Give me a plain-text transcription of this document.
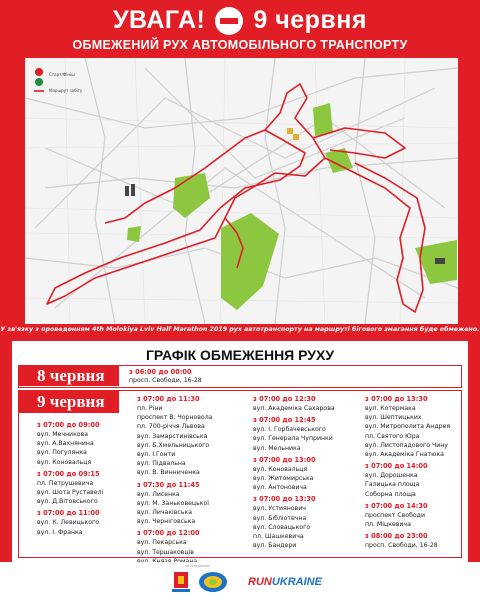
УВАГА! 9 червня
ОБМЕЖЕНИЙ РУХ АВТОМОБІЛЬНОГО ТРАНСПОРТУ
Старт/Фініш
Маршрут забігу
У зв'язку з проведенням 4th Molokiya Lviv Half Marathon 2019 рух автотранспорту на маршруті бігового змагання буде обмежено.
ГРАФІК ОБМЕЖЕННЯ РУХУ
8 червня	з 06:00 до 00:00
просп. Свободи, 16-28
9 червня
з 07:00 до 09:00
вул. Мечникова
вул. А.Вахнянина
вул. Погулянка
вул. Коновальця
з 07:00 до 09:15
пл. Петрушевича
вул. Шота Руставелі
вул. Д.Вітовського
з 07:00 до 11:00
вул. К. Левицького
вул. І. Франка
з 07:00 до 11:30
пл. Ріни
проспект В. Чорновола
пл. 700-річчя Львова
вул. Замарстинівська
вул. Б.Хмельницького
вул. І.Гонти
вул. Підвальна
вул. В. Винниченка
з 07:30 до 11:45
вул. Лисенка
вул. М. Заньковецької
вул. Личаківська
вул. Черніговська
з 07:00 до 12:00
вул. Пекарська
вул. Тершаковців
з 07:00 до 12:30
вул. Академіка Сахарова
з 07:00 до 12:45
вул. І. Горбачевського
вул. Генерала Чупринки
вул. Мельника
з 07:00 до 13:00
вул. Коновальця
вул. Житомирська
вул. Антоновича
з 07:00 до 13:30
вул. Устиянович
вул. Бібліотечна
вул. Словацького
пл. Шашкевича
вул. Бандери
з 07:00 до 13:30
вул. Котермака
вул. Шептицьких
вул. Митрополита Андрея
пл. Святого Юра
вул. Листопадового Чину
вул. Академіка Гнатюка
з 07:00 до 14:00
вул. Дорошенка
Галицька площа
Соборна площа
з 07:00 до 14:30
проспект Свободи
пл. Міцкевича
з 08:00 до 23:00
просп. Свободи, 16-28
за підтримки
RUNUKRAINE
